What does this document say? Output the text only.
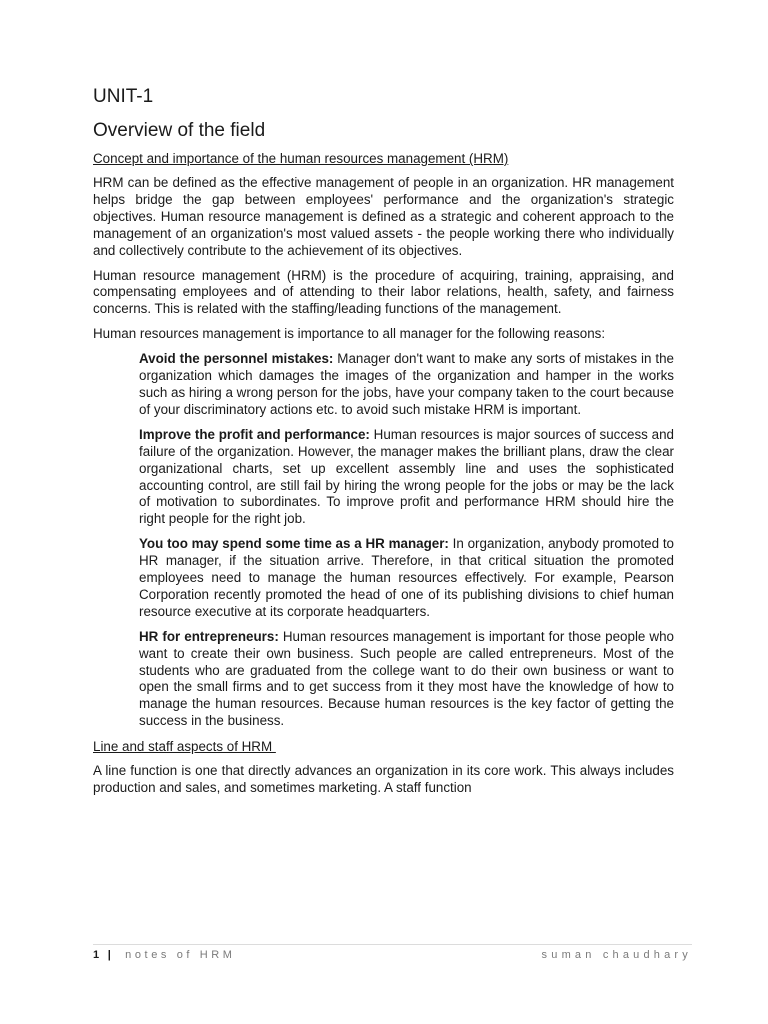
UNIT-1
Overview of the field
Concept and importance of the human resources management (HRM)

HRM can be defined as the effective management of people in an organization. HR management helps bridge the gap between employees' performance and the organization's strategic objectives. Human resource management is defined as a strategic and coherent approach to the management of an organization's most valued assets - the people working there who individually and collectively contribute to the achievement of its objectives.

Human resource management (HRM) is the procedure of acquiring, training, appraising, and compensating employees and of attending to their labor relations, health, safety, and fairness concerns. This is related with the staffing/leading functions of the management.

Human resources management is importance to all manager for the following reasons:

Avoid the personnel mistakes: Manager don't want to make any sorts of mistakes in the organization which damages the images of the organization and hamper in the works such as hiring a wrong person for the jobs, have your company taken to the court because of your discriminatory actions etc. to avoid such mistake HRM is important.
Improve the profit and performance: Human resources is major sources of success and failure of the organization. However, the manager makes the brilliant plans, draw the clear organizational charts, set up excellent assembly line and uses the sophisticated accounting control, are still fail by hiring the wrong people for the jobs or may be the lack of motivation to subordinates. To improve profit and performance HRM should hire the right people for the right job.
You too may spend some time as a HR manager: In organization, anybody promoted to HR manager, if the situation arrive. Therefore, in that critical situation the promoted employees need to manage the human resources effectively. For example, Pearson Corporation recently promoted the head of one of its publishing divisions to chief human resource executive at its corporate headquarters.
HR for entrepreneurs: Human resources management is important for those people who want to create their own business. Such people are called entrepreneurs. Most of the students who are graduated from the college want to do their own business or want to open the small firms and to get success from it they most have the knowledge of how to manage the human resources. Because human resources is the key factor of getting the success in the business.
Line and staff aspects of HRM

A line function is one that directly advances an organization in its core work. This always includes production and sales, and sometimes marketing. A staff function

1 | notes of HRM	suman chaudhary
